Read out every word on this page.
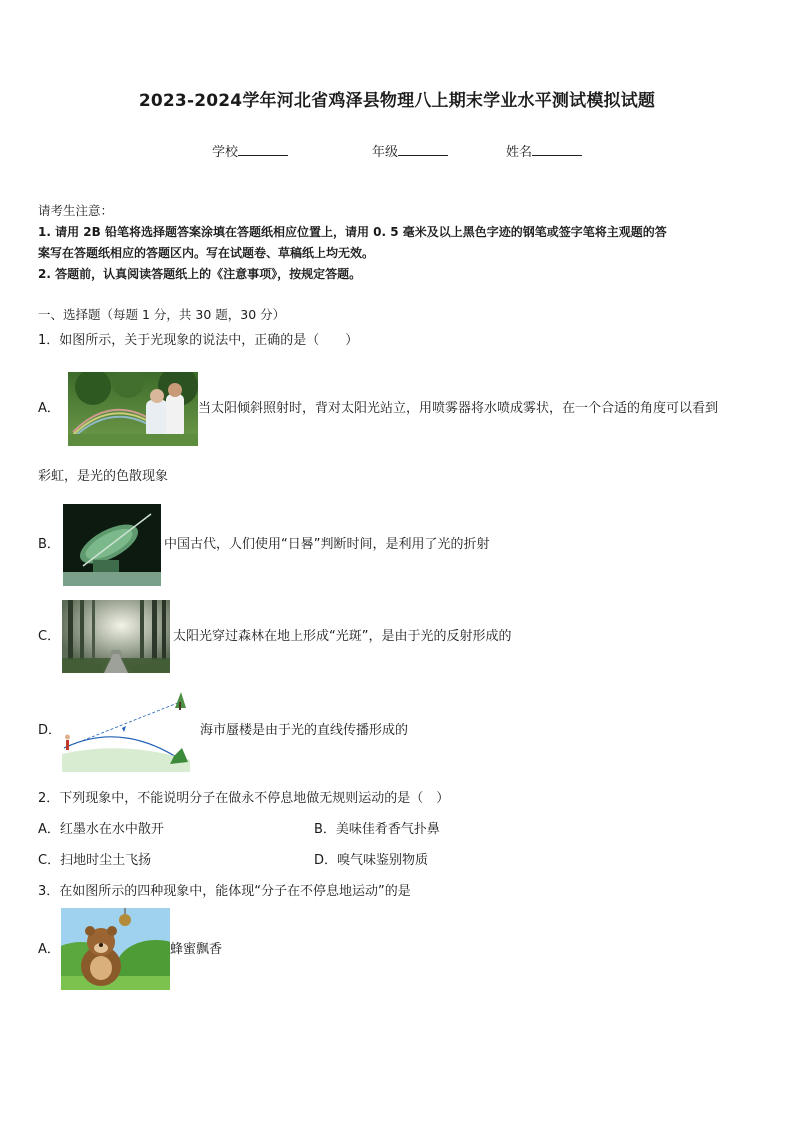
2023-2024学年河北省鸡泽县物理八上期末学业水平测试模拟试题
学校	年级	姓名
请考生注意：
1. 请用 2B 铅笔将选择题答案涂填在答题纸相应位置上，请用 0. 5 毫米及以上黑色字迹的钢笔或签字笔将主观题的答
案写在答题纸相应的答题区内。写在试题卷、草稿纸上均无效。
2. 答题前，认真阅读答题纸上的《注意事项》，按规定答题。
一、选择题（每题 1 分，共 30 题，30 分）
1．如图所示，关于光现象的说法中，正确的是（　　）
A．	当太阳倾斜照射时，背对太阳光站立，用喷雾器将水喷成雾状，在一个合适的角度可以看到
彩虹，是光的色散现象
B．	中国古代，人们使用“日晷”判断时间，是利用了光的折射
C．	太阳光穿过森林在地上形成“光斑”，是由于光的反射形成的
D．	海市蜃楼是由于光的直线传播形成的
2．下列现象中，不能说明分子在做永不停息地做无规则运动的是（　）
A．红墨水在水中散开	B．美味佳肴香气扑鼻
C．扫地时尘土飞扬	D．嗅气味鉴别物质
3．在如图所示的四种现象中，能体现“分子在不停息地运动”的是
A．	蜂蜜飘香
